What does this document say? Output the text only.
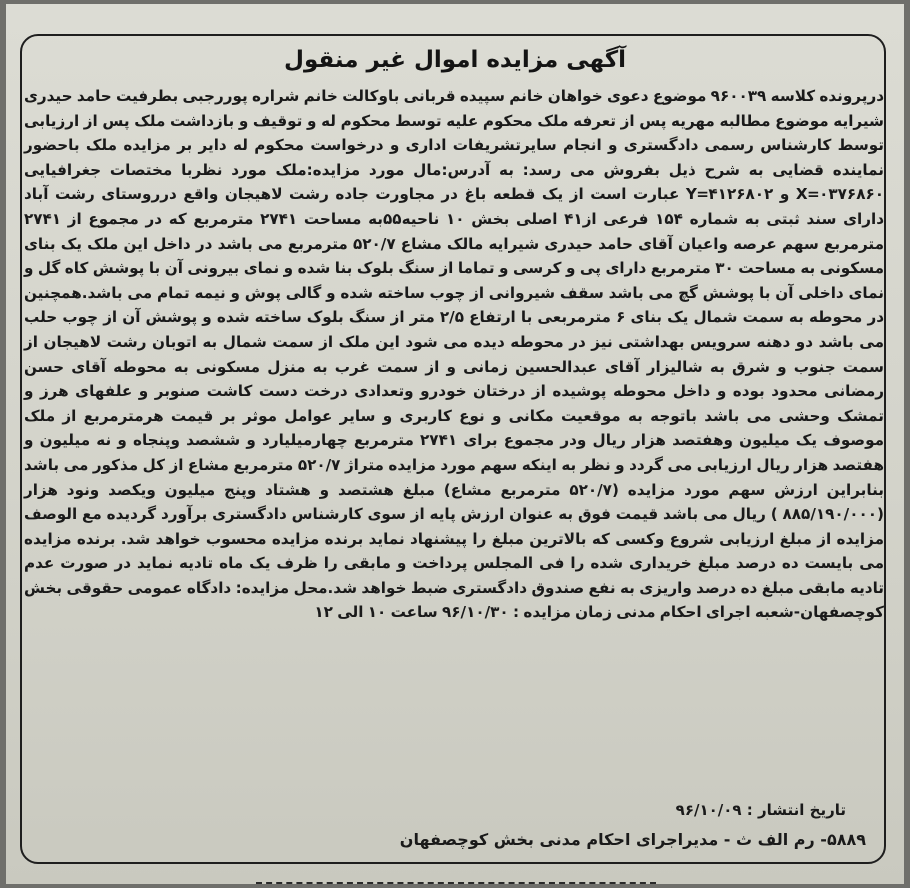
آگهی مزایده اموال غیر منقول

درپرونده کلاسه ۹۶۰۰۳۹ موضوع دعوی خواهان خانم سپیده قربانی باوکالت خانم شراره پوررجبی بطرفیت حامد حیدری شیرایه موضوع مطالبه مهریه پس از تعرفه ملک محکوم علیه توسط محکوم له و توقیف و بازداشت ملک پس از ارزیابی توسط کارشناس رسمی دادگستری و انجام سایرتشریفات اداری و درخواست محکوم له دایر بر مزایده ملک باحضور نماینده قضایی به شرح ذیل بفروش می رسد: به آدرس:مال مورد مزایده:ملک مورد نظربا مختصات جغرافیایی X=۰۳۷۶۸۶۰ و Y=۴۱۲۶۸۰۲ عبارت است از یک قطعه باغ در مجاورت جاده رشت لاهیجان واقع درروستای رشت آباد دارای سند ثبتی به شماره ۱۵۴ فرعی از۴۱ اصلی بخش ۱۰ ناحیه۵۵به مساحت ۲۷۴۱ مترمربع که در مجموع از ۲۷۴۱ مترمربع سهم عرصه واعیان آقای حامد حیدری شیرایه مالک مشاع ۵۲۰/۷ مترمربع می باشد در داخل این ملک یک بنای مسکونی به مساحت ۳۰ مترمربع دارای پی و کرسی و تماما از سنگ بلوک بنا شده و نمای بیرونی آن با پوشش کاه گل و نمای داخلی آن با پوشش گچ می باشد سقف شیروانی از چوب ساخته شده و گالی پوش و نیمه تمام می باشد.همچنین در محوطه به سمت شمال یک بنای ۶ مترمربعی با ارتفاع ۲/۵ متر از سنگ بلوک ساخته شده و پوشش آن از چوب حلب می باشد دو دهنه سرویس بهداشتی نیز در محوطه دیده می شود این ملک از سمت شمال به اتوبان رشت لاهیجان از سمت جنوب و شرق به شالیزار آقای عبدالحسین زمانی و از سمت غرب به منزل مسکونی به محوطه آقای حسن رمضانی محدود بوده و داخل محوطه پوشیده از درختان خودرو وتعدادی درخت دست کاشت صنوبر و علفهای هرز و تمشک وحشی می باشد باتوجه به موقعیت مکانی و نوع کاربری و سایر عوامل موثر بر قیمت هرمترمربع از ملک موصوف یک میلیون وهفتصد هزار ریال ودر مجموع برای ۲۷۴۱ مترمربع چهارمیلیارد و ششصد وپنجاه و نه میلیون و هفتصد هزار ریال ارزیابی می گردد و نظر به اینکه سهم مورد مزایده متراژ ۵۲۰/۷ مترمربع مشاع از کل مذکور می باشد بنابراین ارزش سهم مورد مزایده (۵۲۰/۷ مترمربع مشاع) مبلغ هشتصد و هشتاد وپنج میلیون ویکصد ونود هزار (۸۸۵/۱۹۰/۰۰۰ ) ریال می باشد قیمت فوق به عنوان ارزش پایه از سوی کارشناس دادگستری برآورد گردیده مع الوصف مزایده از مبلغ ارزیابی شروع وکسی که بالاترین مبلغ را پیشنهاد نماید برنده مزایده محسوب خواهد شد. برنده مزایده می بایست ده درصد مبلغ خریداری شده را فی المجلس پرداخت و مابقی را ظرف یک ماه تادیه نماید در صورت عدم تادیه مابقی مبلغ ده درصد واریزی به نفع صندوق دادگستری ضبط خواهد شد.محل مزایده: دادگاه عمومی حقوقی بخش کوچصفهان-شعبه اجرای احکام مدنی زمان مزایده : ۹۶/۱۰/۳۰ ساعت ۱۰ الی ۱۲

تاریخ انتشار : ۹۶/۱۰/۰۹
۵۸۸۹- رم الف ث - مدیراجرای احکام مدنی بخش کوچصفهان
